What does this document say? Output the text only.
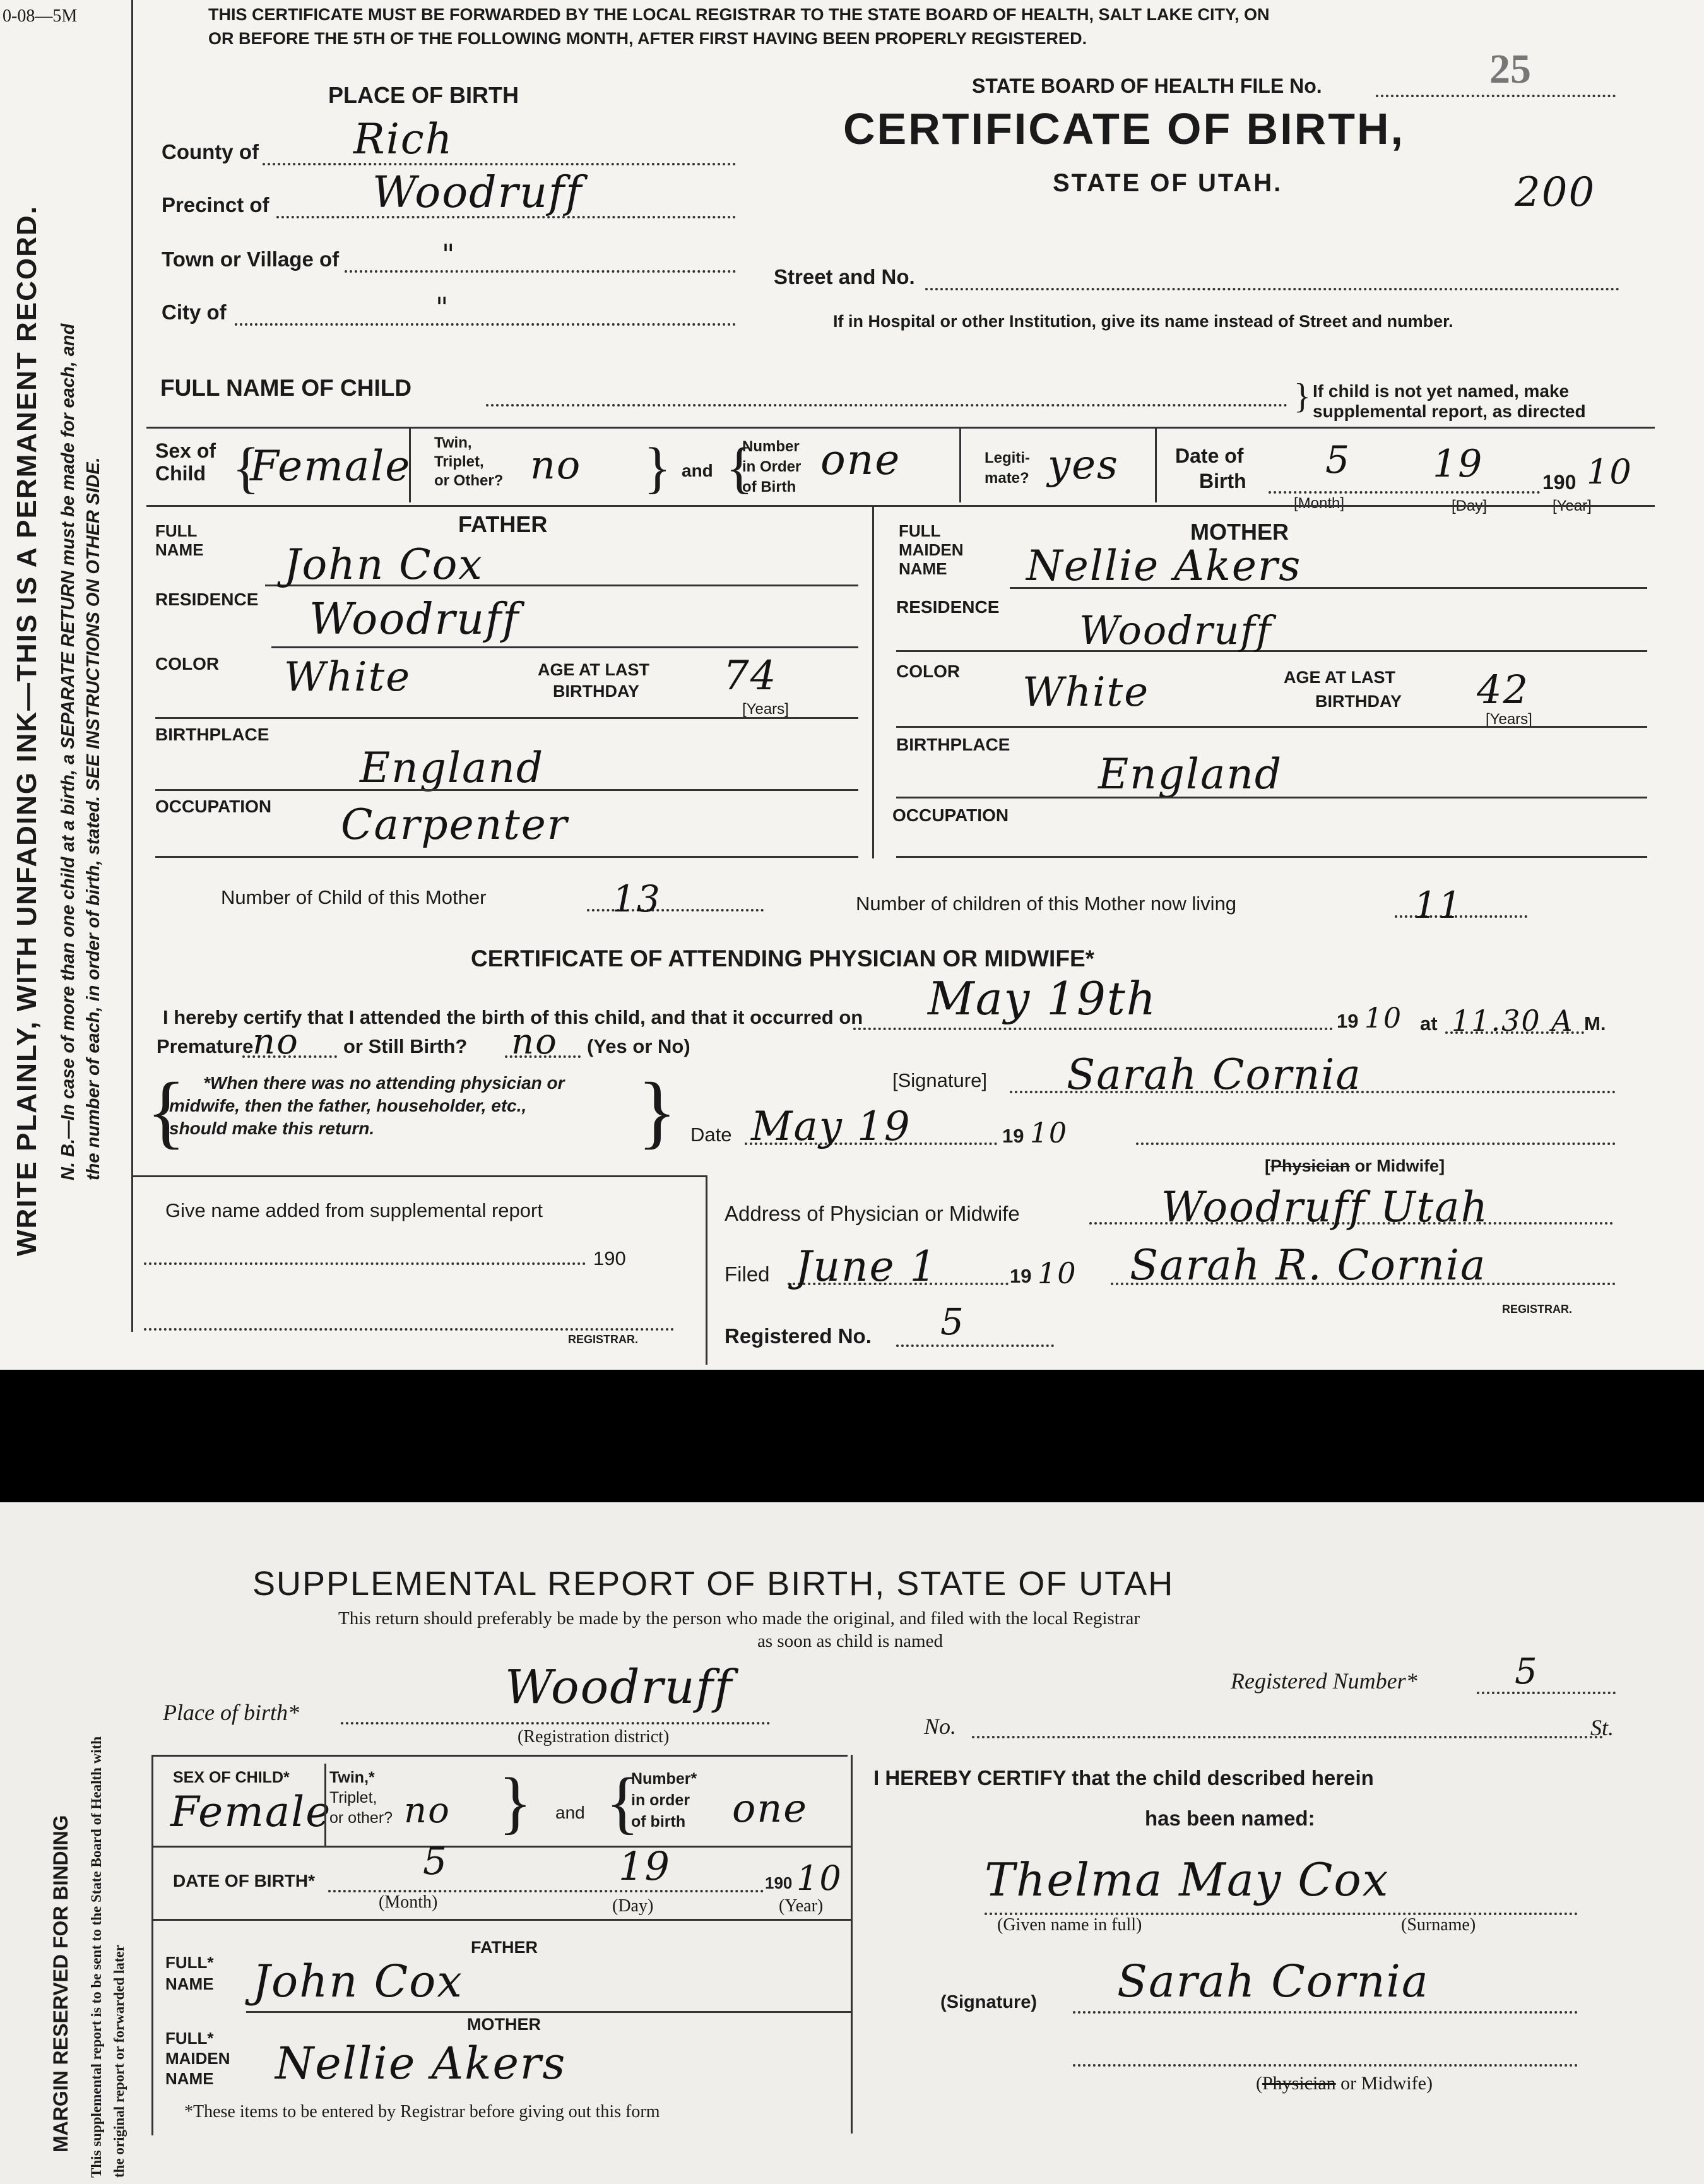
0-08—5M
WRITE PLAINLY, WITH UNFADING INK—THIS IS A PERMANENT RECORD. N. B.—In case of more than one child at a birth, a SEPARATE RETURN must be made for each, and the number of each, in order of birth, stated. SEE INSTRUCTIONS ON OTHER SIDE.
THIS CERTIFICATE MUST BE FORWARDED BY THE LOCAL REGISTRAR TO THE STATE BOARD OF HEALTH, SALT LAKE CITY, ON
OR BEFORE THE 5TH OF THE FOLLOWING MONTH, AFTER FIRST HAVING BEEN PROPERLY REGISTERED.
25
PLACE OF BIRTH
County of Rich
Precinct of Woodruff
Town or Village of	"
City of	"
STATE BOARD OF HEALTH FILE No.
CERTIFICATE OF BIRTH,
STATE OF UTAH.	200
Street and No.
If in Hospital or other Institution, give its name instead of Street and number.
FULL NAME OF CHILD	} If child is not yet named, make
supplemental report, as directed
Sex of
Child {
Female Twin,
Triplet,
or Other? no } and {
Number
in Order
of Birth
one	Legiti-
mate? yes	Date of
Birth 5 19	190 10
[Month]	[Day]	[Year]
FULL
NAME
FATHER
John Cox
RESIDENCE Woodruff
COLOR White	AGE AT LAST
BIRTHDAY 74
[Years]
BIRTHPLACE
England
OCCUPATION Carpenter
FULL
MAIDEN
NAME
MOTHER
Nellie Akers
RESIDENCE
Woodruff
COLOR White	AGE AT LAST
BIRTHDAY 42
[Years]
BIRTHPLACE
England
OCCUPATION
Number of Child of this Mother	13	Number of children of this Mother now living	11
CERTIFICATE OF ATTENDING PHYSICIAN OR MIDWIFE*
I hereby certify that I attended the birth of this child, and that it occurred on May 19th	19 10 at 11.30 A M.
Premature
no or Still Birth? no (Yes or No)
{ *When there was no attending physician or
midwife, then the father, householder, etc.,
should make this return.	}	[Signature] Sarah Cornia
Date May 19	19 10
[Physician or Midwife]
Give name added from supplemental report
190
REGISTRAR.
Address of Physician or Midwife	Woodruff Utah
Filed June 1	19 10 Sarah R. Cornia
REGISTRAR.
Registered No. 5
MARGIN RESERVED FOR BINDING This supplemental report is to be sent to the State Board of Health with the original report or forwarded later
SUPPLEMENTAL REPORT OF BIRTH, STATE OF UTAH
This return should preferably be made by the person who made the original, and filed with the local Registrar
as soon as child is named
Registered Number*	5
Place of birth*	Woodruff
(Registration district)	No.	St.
SEX OF CHILD*
Female
Twin,*
Triplet,
or other? no } and {
Number*
in order
of birth one
DATE OF BIRTH*	5	19	190 10
(Month)	(Day)	(Year)
FATHER
FULL*
NAME John Cox
MOTHER
FULL*
MAIDEN
NAME Nellie Akers
*These items to be entered by Registrar before giving out this form
I HEREBY CERTIFY that the child described herein
has been named:
Thelma May Cox
(Given name in full)	(Surname)
(Signature) Sarah Cornia
(Physician or Midwife)
